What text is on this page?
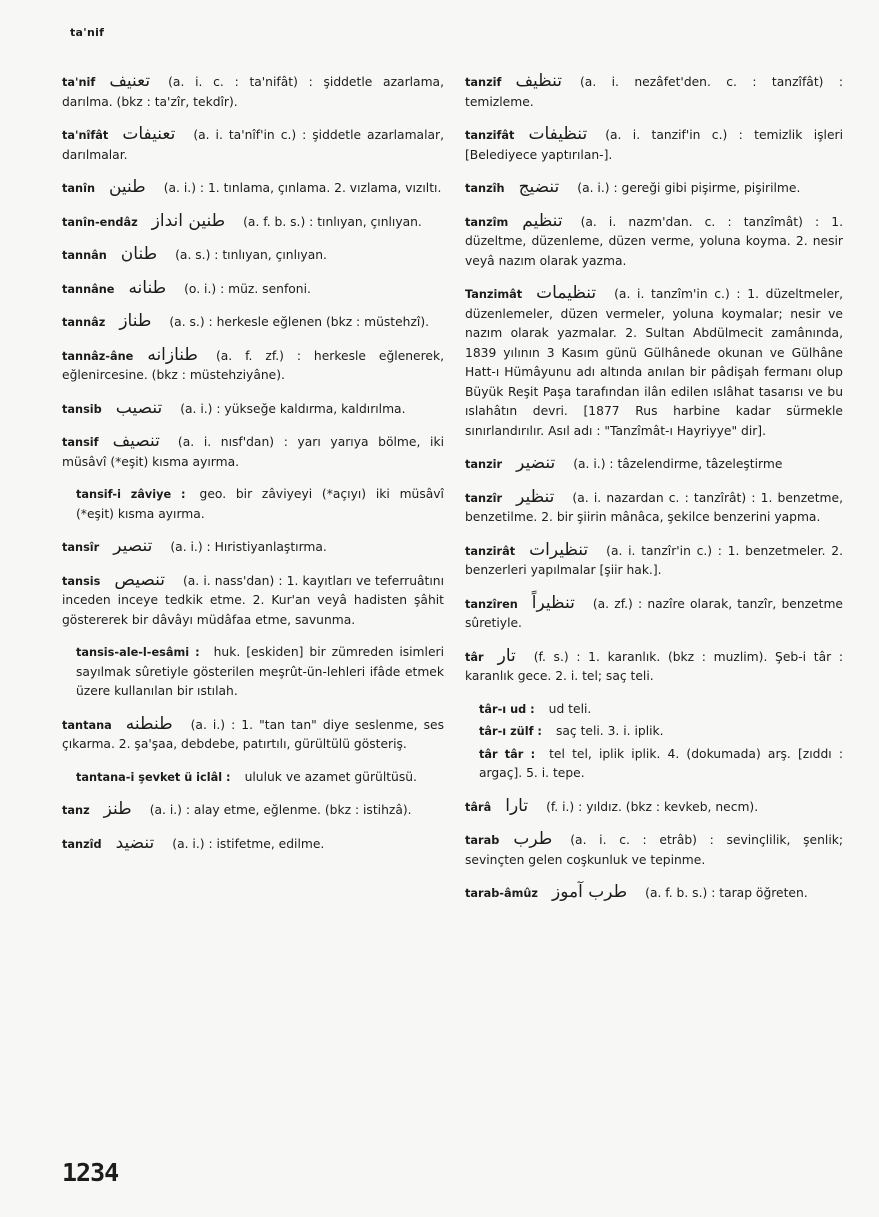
ta'nif
ta'nif تعنيف (a. i. c. : ta'nifât) : şiddetle azarlama, darılma. (bkz : ta'zîr, tekdîr).
ta'nîfât تعنيفات (a. i. ta'nîf'in c.) : şiddetle azarlamalar, darılmalar.
tanîn طنين (a. i.) : 1. tınlama, çınlama. 2. vızlama, vızıltı.
tanîn-endâz طنين انداز (a. f. b. s.) : tınlıyan, çınlıyan.
tannân طنان (a. s.) : tınlıyan, çınlıyan.
tannâne طنانه (o. i.) : müz. senfoni.
tannâz طناز (a. s.) : herkesle eğlenen (bkz : müstehzî).
tannâz-âne طنازانه (a. f. zf.) : herkesle eğlenerek, eğlenircesine. (bkz : müstehziyâne).
tansib تنصيب (a. i.) : yükseğe kaldırma, kaldırılma.
tansif تنصيف (a. i. nısf'dan) : yarı yarıya bölme, iki müsâvî (*eşit) kısma ayırma.
tansif-i zâviye : geo. bir zâviyeyi (*açıyı) iki müsâvî (*eşit) kısma ayırma.
tansîr تنصير (a. i.) : Hıristiyanlaştırma.
tansis تنصيص (a. i. nass'dan) : 1. kayıtları ve teferruâtını inceden inceye tedkik etme. 2. Kur'an veyâ hadisten şâhit göstererek bir dâvâyı müdâfaa etme, savunma.
tansis-ale-l-esâmi : huk. [eskiden] bir zümreden isimleri sayılmak sûretiyle gösterilen meşrût-ün-lehleri ifâde etmek üzere kullanılan bir ıstılah.
tantana طنطنه (a. i.) : 1. "tan tan" diye seslenme, ses çıkarma. 2. şa'şaa, debdebe, patırtılı, gürültülü gösteriş.
tantana-i şevket ü iclâl : ululuk ve azamet gürültüsü.
tanz طنز (a. i.) : alay etme, eğlenme. (bkz : istihzâ).
tanzîd تنضيد (a. i.) : istifetme, edilme.
tanzif تنظيف (a. i. nezâfet'den. c. : tanzîfât) : temizleme.
tanzifât تنظيفات (a. i. tanzif'in c.) : temizlik işleri [Belediyece yaptırılan-].
tanzîh تنضيج (a. i.) : gereği gibi pişirme, pişirilme.
tanzîm تنظيم (a. i. nazm'dan. c. : tanzîmât) : 1. düzeltme, düzenleme, düzen verme, yoluna koyma. 2. nesir veyâ nazım olarak yazma.
Tanzimât تنظيمات (a. i. tanzîm'in c.) : 1. düzeltmeler, düzenlemeler, düzen vermeler, yoluna koymalar; nesir ve nazım olarak yazmalar. 2. Sultan Abdülmecit zamânında, 1839 yılının 3 Kasım günü Gülhânede okunan ve Gülhâne Hatt-ı Hümâyunu adı altında anılan bir pâdişah fermanı olup Büyük Reşit Paşa tarafından ilân edilen ıslâhat tasarısı ve bu ıslahâtın devri. [1877 Rus harbine kadar sürmekle sınırlandırılır. Asıl adı : "Tanzîmât-ı Hayriyye" dir].
tanzir تنضير (a. i.) : tâzelendirme, tâzeleştirme
tanzîr تنظير (a. i. nazardan c. : tanzîrât) : 1. benzetme, benzetilme. 2. bir şiirin mânâca, şekilce benzerini yapma.
tanzirât تنظيرات (a. i. tanzîr'in c.) : 1. benzetmeler. 2. benzerleri yapılmalar [şiir hak.].
tanzîren تنظيراً (a. zf.) : nazîre olarak, tanzîr, benzetme sûretiyle.
târ تار (f. s.) : 1. karanlık. (bkz : muzlim). Şeb-i târ : karanlık gece. 2. i. tel; saç teli.
târ-ı ud : ud teli.
târ-ı zülf : saç teli. 3. i. iplik.
târ târ : tel tel, iplik iplik. 4. (dokumada) arş. [zıddı : argaç]. 5. i. tepe.
târâ تارا (f. i.) : yıldız. (bkz : kevkeb, necm).
tarab طرب (a. i. c. : etrâb) : sevinçlilik, şenlik; sevinçten gelen coşkunluk ve tepinme.
tarab-âmûz طرب آموز (a. f. b. s.) : tarap öğreten.
1234
